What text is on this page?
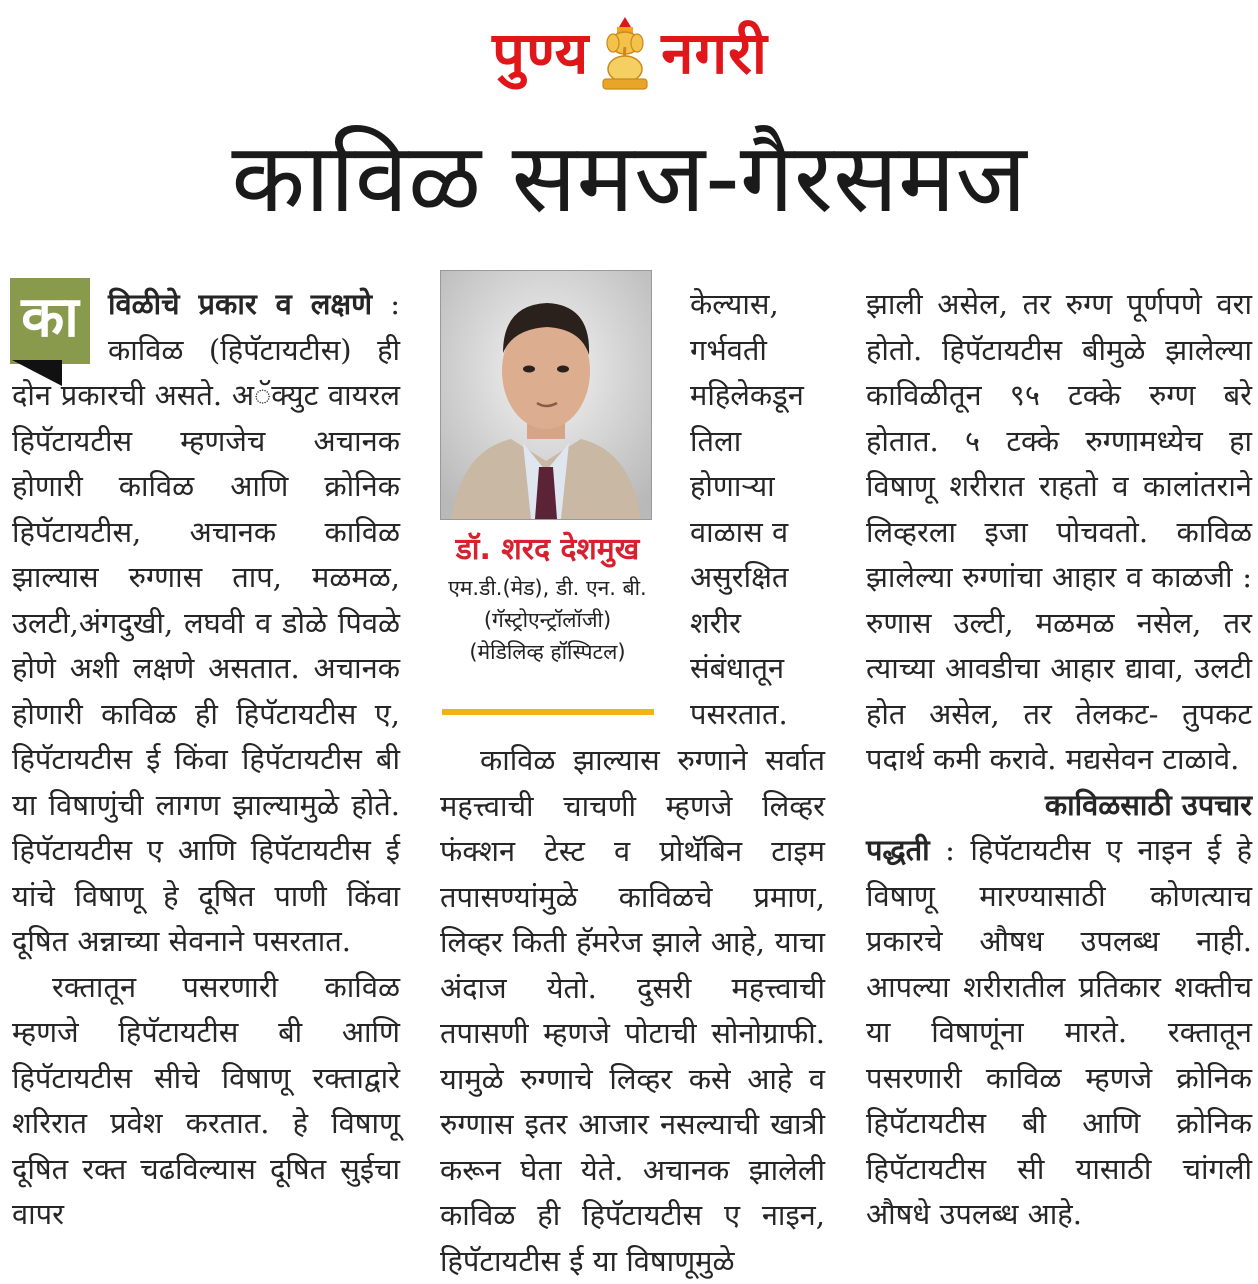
पुण्य नगरी
काविळ समज-गैरसमज
का	विळीचे प्रकार व लक्षणे : काविळ (हिपॅटायटीस) ही दोन प्रकारची असते. अॅक्युट वायरल हिपॅटायटीस म्हणजेच अचानक होणारी काविळ आणि क्रोनिक हिपॅटायटीस, अचानक काविळ झाल्यास रुग्णास ताप, मळमळ, उलटी,अंगदुखी, लघवी व डोळे पिवळे होणे अशी लक्षणे असतात. अचानक होणारी काविळ ही हिपॅटायटीस ए, हिपॅटायटीस ई किंवा हिपॅटायटीस बी या विषाणुंची लागण झाल्यामुळे होते. हिपॅटायटीस ए आणि हिपॅटायटीस ई यांचे विषाणू हे दूषित पाणी किंवा दूषित अन्नाच्या सेवनाने पसरतात.

रक्तातून पसरणारी काविळ म्हणजे हिपॅटायटीस बी आणि हिपॅटायटीस सीचे विषाणू रक्ताद्वारे शरिरात प्रवेश करतात. हे विषाणू दूषित रक्त चढविल्यास दूषित सुईचा वापर

डॉ. शरद देशमुख
एम.डी.(मेड), डी. एन. बी.
(गॅस्ट्रोएन्ट्रॉलॉजी)
(मेडिलिव्ह हॉस्पिटल)

केल्यास, गर्भवती महिलेकडून तिला होणाऱ्या वाळास व असुरक्षित शरीर संबंधातून पसरतात.

काविळ झाल्यास रुग्णाने सर्वात महत्त्वाची चाचणी म्हणजे लिव्हर फंक्शन टेस्ट व प्रोथॅबिन टाइम तपासण्यांमुळे काविळचे प्रमाण, लिव्हर किती हॅमरेज झाले आहे, याचा अंदाज येतो. दुसरी महत्त्वाची तपासणी म्हणजे पोटाची सोनोग्राफी. यामुळे रुग्णाचे लिव्हर कसे आहे व रुग्णास इतर आजार नसल्याची खात्री करून घेता येते. अचानक झालेली काविळ ही हिपॅटायटीस ए नाइन, हिपॅटायटीस ई या विषाणूमुळे

झाली असेल, तर रुग्ण पूर्णपणे वरा होतो. हिपॅटायटीस बीमुळे झालेल्या काविळीतून ९५ टक्के रुग्ण बरे होतात. ५ टक्के रुग्णामध्येच हा विषाणू शरीरात राहतो व कालांतराने लिव्हरला इजा पोचवतो. काविळ झालेल्या रुग्णांचा आहार व काळजी : रुणास उल्टी, मळमळ नसेल, तर त्याच्या आवडीचा आहार द्यावा, उलटी होत असेल, तर तेलकट- तुपकट पदार्थ कमी करावे. मद्यसेवन टाळावे.

काविळसाठी उपचार

पद्धती : हिपॅटायटीस ए नाइन ई हे विषाणू मारण्यासाठी कोणत्याच प्रकारचे औषध उपलब्ध नाही. आपल्या शरीरातील प्रतिकार शक्तीच या विषाणूंना मारते. रक्तातून पसरणारी काविळ म्हणजे क्रोनिक हिपॅटायटीस बी आणि क्रोनिक हिपॅटायटीस सी यासाठी चांगली औषधे उपलब्ध आहे.
